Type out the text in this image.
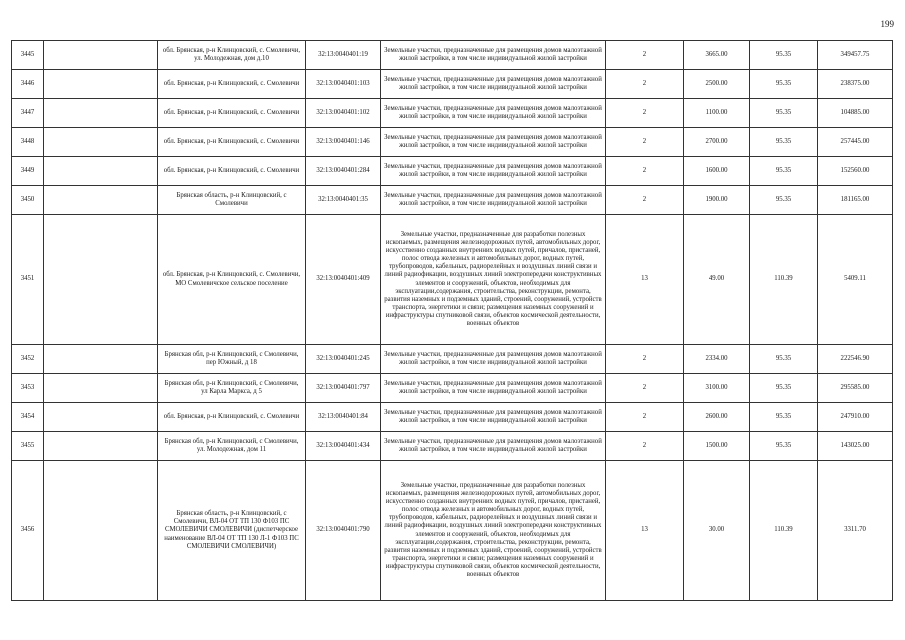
199
3445		обл. Брянская, р-н Клинцовский, с. Смолевичи, ул. Молодежная, дом д.10	32:13:0040401:19	Земельные участки, предназначенные для размещения домов малоэтажной жилой застройки, в том числе индивидуальной жилой застройки	2	3665.00	95.35	349457.75
3446		обл. Брянская, р-н Клинцовский, с. Смолевичи	32:13:0040401:103	Земельные участки, предназначенные для размещения домов малоэтажной жилой застройки, в том числе индивидуальной жилой застройки	2	2500.00	95.35	238375.00
3447		обл. Брянская, р-н Клинцовский, с. Смолевичи	32:13:0040401:102	Земельные участки, предназначенные для размещения домов малоэтажной жилой застройки, в том числе индивидуальной жилой застройки	2	1100.00	95.35	104885.00
3448		обл. Брянская, р-н Клинцовский, с. Смолевичи	32:13:0040401:146	Земельные участки, предназначенные для размещения домов малоэтажной жилой застройки, в том числе индивидуальной жилой застройки	2	2700.00	95.35	257445.00
3449		обл. Брянская, р-н Клинцовский, с. Смолевичи	32:13:0040401:284	Земельные участки, предназначенные для размещения домов малоэтажной жилой застройки, в том числе индивидуальной жилой застройки	2	1600.00	95.35	152560.00
3450		Брянская область, р-н Клинцовский, с Смолевичи	32:13:0040401:35	Земельные участки, предназначенные для размещения домов малоэтажной жилой застройки, в том числе индивидуальной жилой застройки	2	1900.00	95.35	181165.00
3451		обл. Брянская, р-н Клинцовский, с. Смолевичи, МО Смолевичское сельское поселение	32:13:0040401:409	Земельные участки, предназначенные для разработки полезных ископаемых, размещения железнодорожных путей, автомобильных дорог, искусственно созданных внутренних водных путей, причалов, пристаней, полос отвода железных и автомобильных дорог, водных путей, трубопроводов, кабельных, радиорелейных и воздушных линий связи и линий радиофикации, воздушных линий электропередачи конструктивных элементов и сооружений, объектов, необходимых для эксплуатации,содержания, строительства, реконструкции, ремонта, развития наземных и подземных зданий, строений, сооружений, устройств транспорта, энергетики и связи; размещения наземных сооружений и инфраструктуры спутниковой связи, объектов космической деятельности, военных объектов	13	49.00	110.39	5409.11
3452		Брянская обл, р-н Клинцовский, с Смолевичи, пер Южный, д 18	32:13:0040401:245	Земельные участки, предназначенные для размещения домов малоэтажной жилой застройки, в том числе индивидуальной жилой застройки	2	2334.00	95.35	222546.90
3453		Брянская обл, р-н Клинцовский, с Смолевичи, ул Карла Маркса, д 5	32:13:0040401:797	Земельные участки, предназначенные для размещения домов малоэтажной жилой застройки, в том числе индивидуальной жилой застройки	2	3100.00	95.35	295585.00
3454		обл. Брянская, р-н Клинцовский, с. Смолевичи	32:13:0040401:84	Земельные участки, предназначенные для размещения домов малоэтажной жилой застройки, в том числе индивидуальной жилой застройки	2	2600.00	95.35	247910.00
3455		Брянская обл, р-н Клинцовский, с Смолевичи, ул. Молодежная, дом 11	32:13:0040401:434	Земельные участки, предназначенные для размещения домов малоэтажной жилой застройки, в том числе индивидуальной жилой застройки	2	1500.00	95.35	143025.00
3456		Брянская область, р-н Клинцовский, с Смолевичи, ВЛ-04 ОТ ТП 130 Ф103 ПС СМОЛЕВИЧИ СМОЛЕВИЧИ (диспетчерское наименование ВЛ-04 ОТ ТП 130 Л-1 Ф103 ПС СМОЛЕВИЧИ СМОЛЕВИЧИ)	32:13:0040401:790	Земельные участки, предназначенные для разработки полезных ископаемых, размещения железнодорожных путей, автомобильных дорог, искусственно созданных внутренних водных путей, причалов, пристаней, полос отвода железных и автомобильных дорог, водных путей, трубопроводов, кабельных, радиорелейных и воздушных линий связи и линий радиофикации, воздушных линий электропередачи конструктивных элементов и сооружений, объектов, необходимых для эксплуатации,содержания, строительства, реконструкции, ремонта, развития наземных и подземных зданий, строений, сооружений, устройств транспорта, энергетики и связи; размещения наземных сооружений и инфраструктуры спутниковой связи, объектов космической деятельности, военных объектов	13	30.00	110.39	3311.70
